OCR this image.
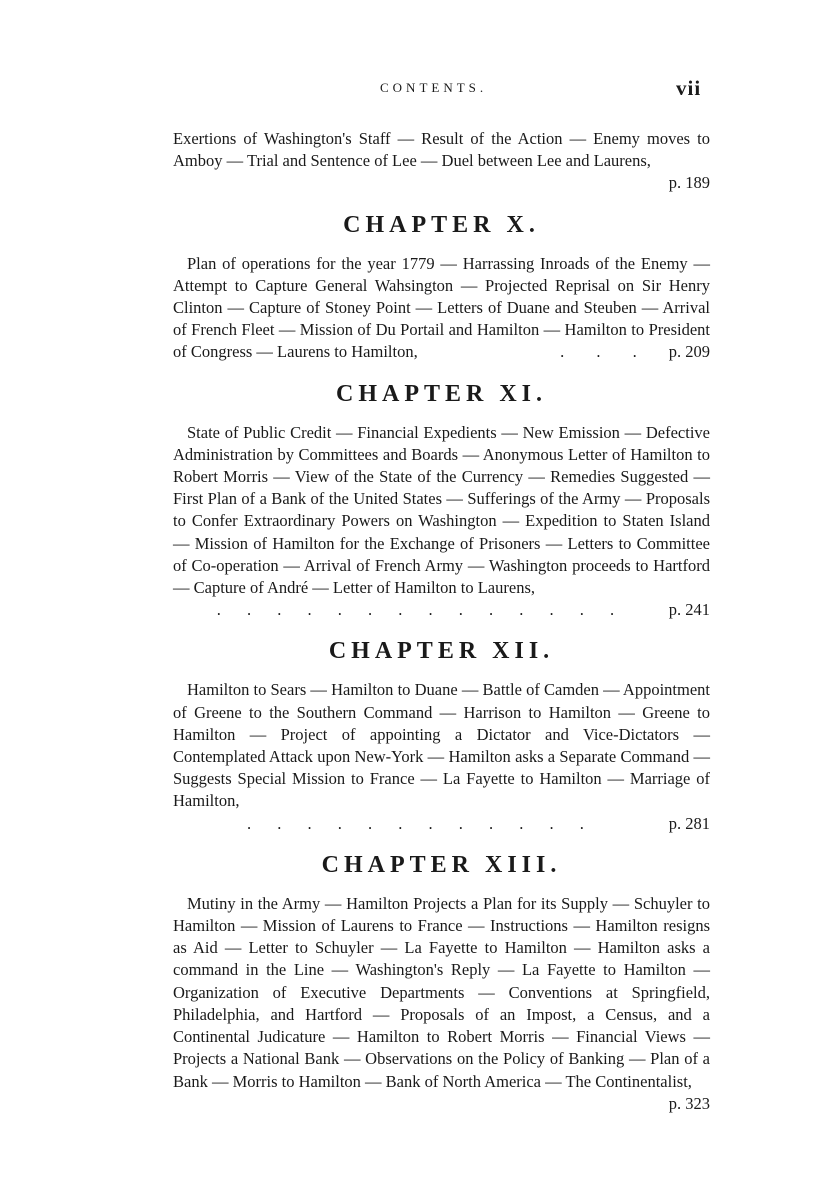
CONTENTS.	vii
Exertions of Washington's Staff — Result of the Action — Enemy moves to Amboy — Trial and Sentence of Lee — Duel between Lee and Laurens,
p. 189
CHAPTER X.
Plan of operations for the year 1779 — Harrassing Inroads of the Enemy — Attempt to Capture General Wahsington — Projected Reprisal on Sir Henry Clinton — Capture of Stoney Point — Letters of Duane and Steuben — Arrival of French Fleet — Mission of Du Portail and Hamilton — Hamilton to President of Congress — Laurens to Hamilton,	. . . p. 209
CHAPTER XI.
State of Public Credit — Financial Expedients — New Emission — Defective Administration by Committees and Boards — Anonymous Letter of Hamilton to Robert Morris — View of the State of the Currency — Remedies Suggested — First Plan of a Bank of the United States — Sufferings of the Army — Proposals to Confer Extraordinary Powers on Washington — Expedition to Staten Island — Mission of Hamilton for the Exchange of Prisoners — Letters to Committee of Co-operation — Arrival of French Army — Washington proceeds to Hartford — Capture of André — Letter of Hamilton to Laurens,
. . . . . . . . . . . . . .	p. 241
CHAPTER XII.
Hamilton to Sears — Hamilton to Duane — Battle of Camden — Appointment of Greene to the Southern Command — Harrison to Hamilton — Greene to Hamilton — Project of appointing a Dictator and Vice-Dictators — Contemplated Attack upon New-York — Hamilton asks a Separate Command — Suggests Special Mission to France — La Fayette to Hamilton — Marriage of Hamilton,
. . . . . . . . . . . .	p. 281
CHAPTER XIII.
Mutiny in the Army — Hamilton Projects a Plan for its Supply — Schuyler to Hamilton — Mission of Laurens to France — Instructions — Hamilton resigns as Aid — Letter to Schuyler — La Fayette to Hamilton — Hamilton asks a command in the Line — Washington's Reply — La Fayette to Hamilton — Organization of Executive Departments — Conventions at Springfield, Philadelphia, and Hartford — Proposals of an Impost, a Census, and a Continental Judicature — Hamilton to Robert Morris — Financial Views — Projects a National Bank — Observations on the Policy of Banking — Plan of a Bank — Morris to Hamilton — Bank of North America — The Continentalist,
p. 323
